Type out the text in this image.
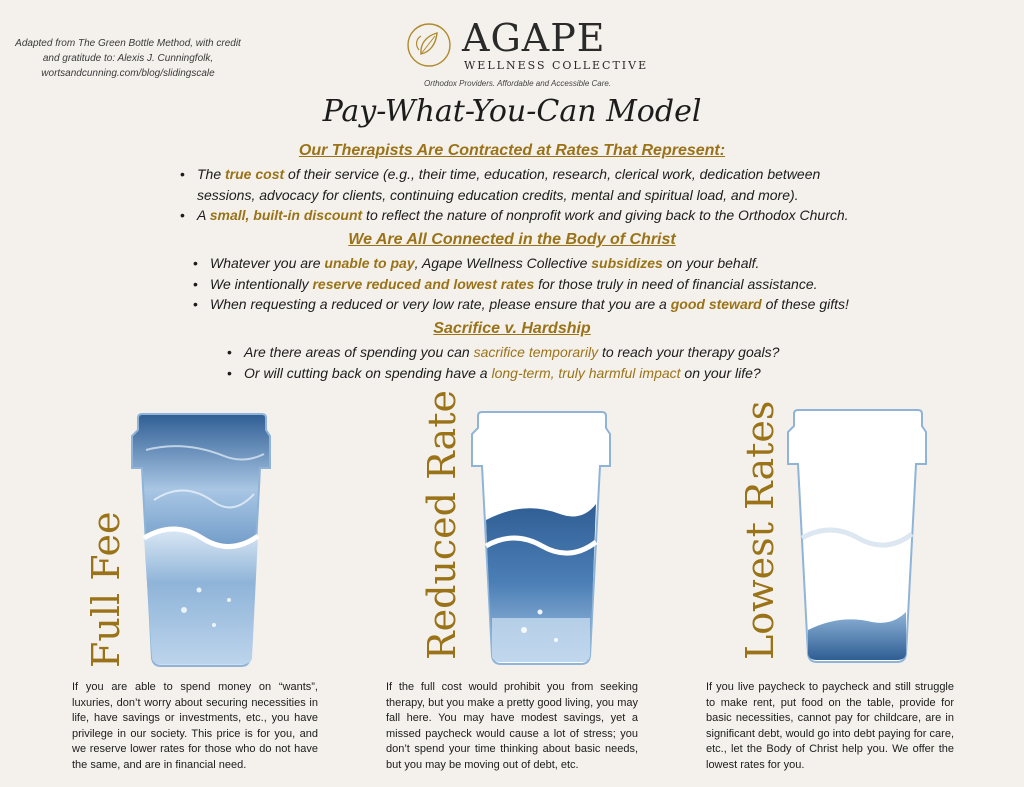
Adapted from The Green Bottle Method, with credit and gratitude to: Alexis J. Cunningfolk, wortsandcunning.com/blog/slidingscale
AGAPE
WELLNESS COLLECTIVE
Orthodox Providers. Affordable and Accessible Care.
Pay-What-You-Can Model
Our Therapists Are Contracted at Rates That Represent:
• The true cost of their service (e.g., their time, education, research, clerical work, dedication between
sessions, advocacy for clients, continuing education credits, mental and spiritual load, and more).
• A small, built-in discount to reflect the nature of nonprofit work and giving back to the Orthodox Church.
We Are All Connected in the Body of Christ
• Whatever you are unable to pay, Agape Wellness Collective subsidizes on your behalf.
• We intentionally reserve reduced and lowest rates for those truly in need of financial assistance.
• When requesting a reduced or very low rate, please ensure that you are a good steward of these gifts!
Sacrifice v. Hardship
• Are there areas of spending you can sacrifice temporarily to reach your therapy goals?
• Or will cutting back on spending have a long-term, truly harmful impact on your life?
Full Fee	Reduced Rate	Lowest Rates
If you are able to spend money on “wants”, luxuries, don’t worry about securing necessities in life, have savings or investments, etc., you have privilege in our society. This price is for you, and we reserve lower rates for those who do not have the same, and are in financial need.
If the full cost would prohibit you from seeking therapy, but you make a pretty good living, you may fall here. You may have modest savings, yet a missed paycheck would cause a lot of stress; you don’t spend your time thinking about basic needs, but you may be moving out of debt, etc.
If you live paycheck to paycheck and still struggle to make rent, put food on the table, provide for basic necessities, cannot pay for childcare, are in significant debt, would go into debt paying for care, etc., let the Body of Christ help you. We offer the lowest rates for you.
